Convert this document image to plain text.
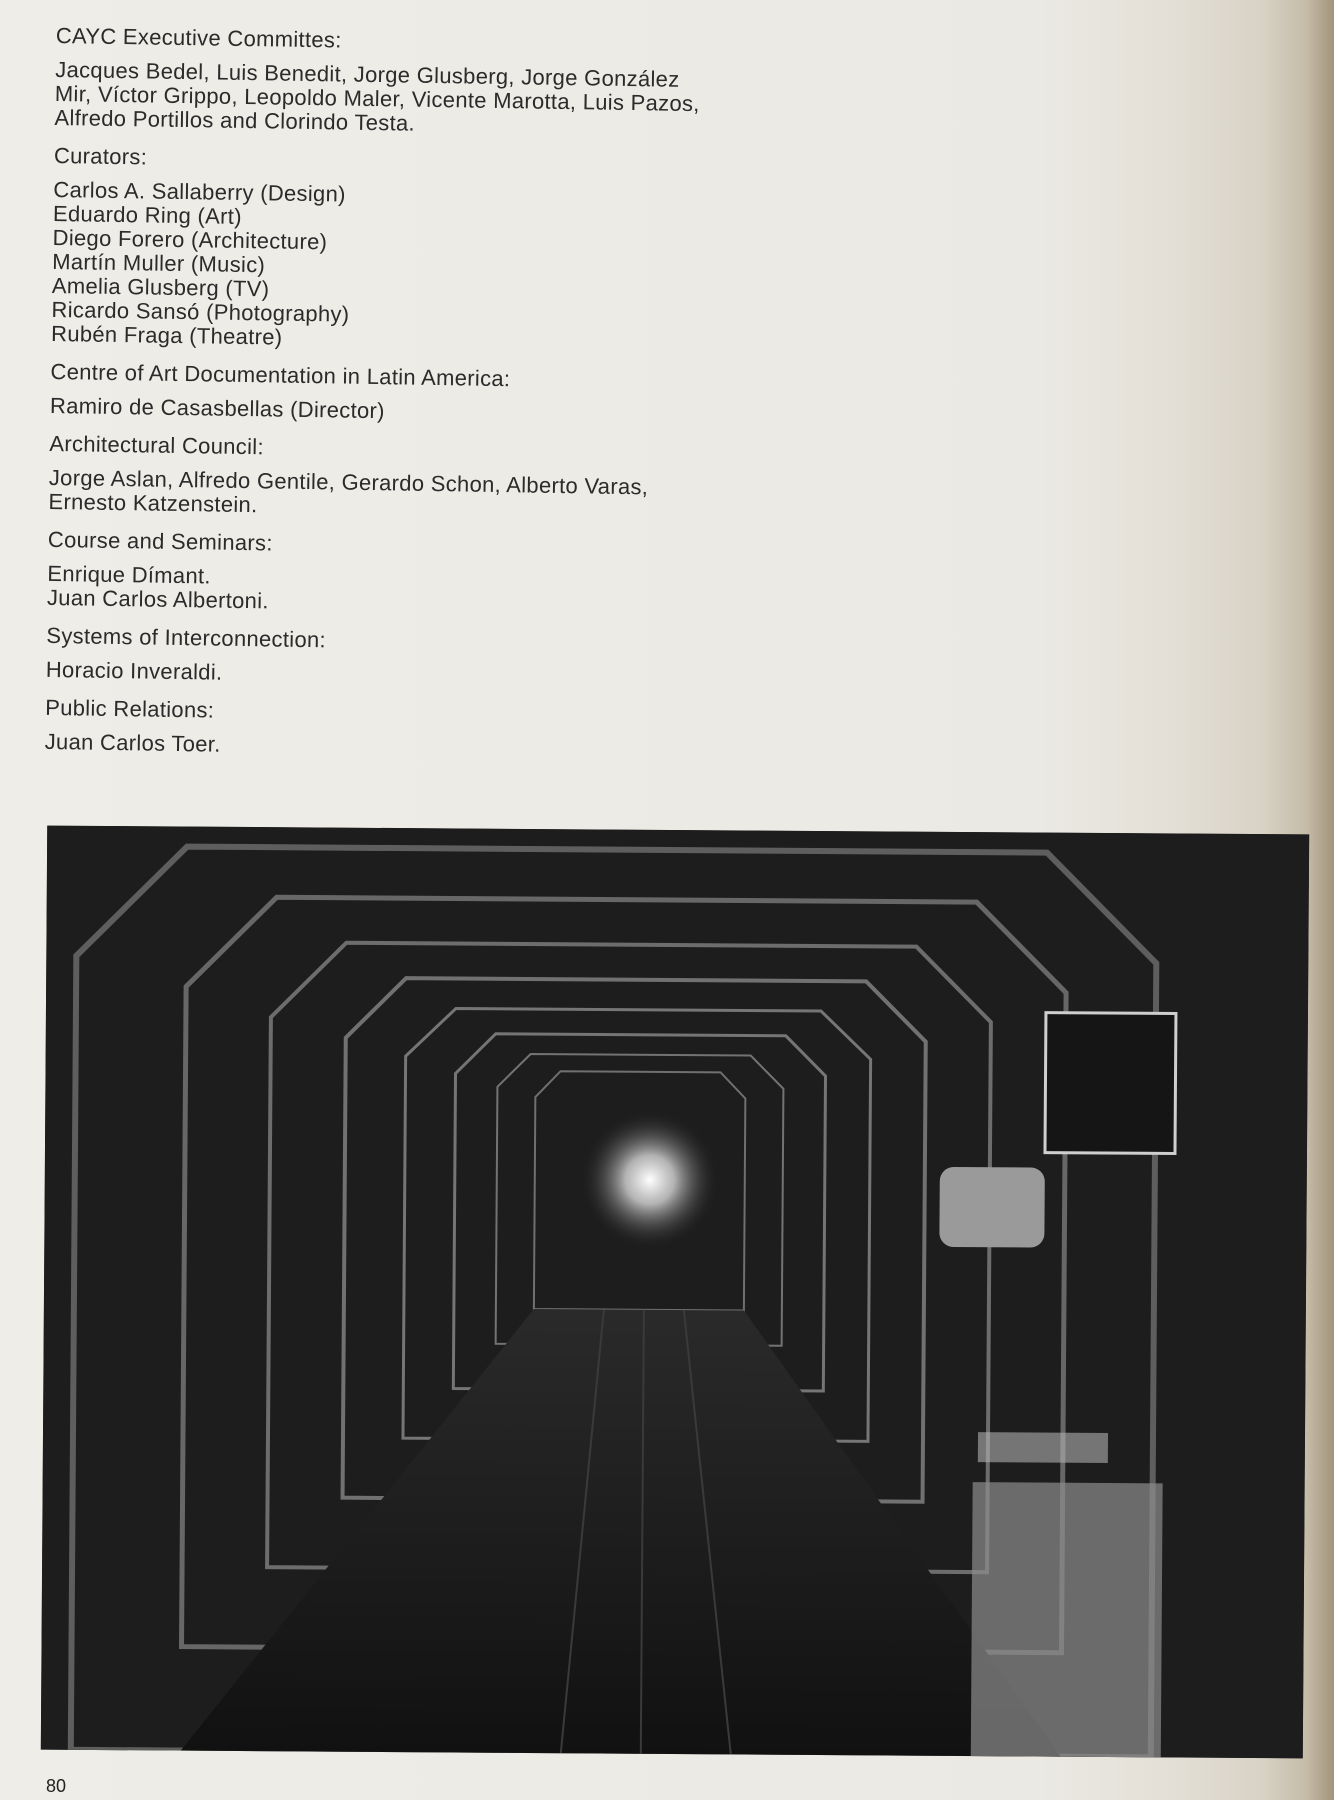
CAYC Executive Committes:
Jacques Bedel, Luis Benedit, Jorge Glusberg, Jorge González
Mir, Víctor Grippo, Leopoldo Maler, Vicente Marotta, Luis Pazos,
Alfredo Portillos and Clorindo Testa.
Curators:
Carlos A. Sallaberry (Design)
Eduardo Ring (Art)
Diego Forero (Architecture)
Martín Muller (Music)
Amelia Glusberg (TV)
Ricardo Sansó (Photography)
Rubén Fraga (Theatre)
Centre of Art Documentation in Latin America:
Ramiro de Casasbellas (Director)
Architectural Council:
Jorge Aslan, Alfredo Gentile, Gerardo Schon, Alberto Varas,
Ernesto Katzenstein.
Course and Seminars:
Enrique Dímant.
Juan Carlos Albertoni.
Systems of Interconnection:
Horacio Inveraldi.
Public Relations:
Juan Carlos Toer.
80
